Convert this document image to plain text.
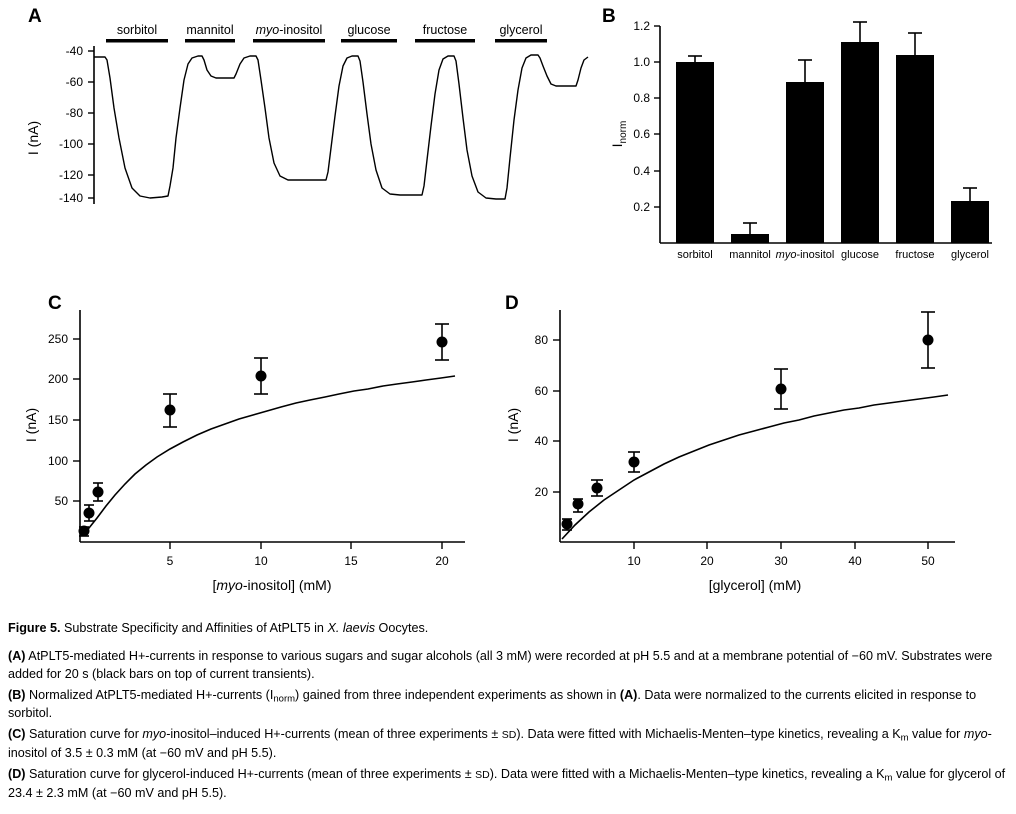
A
-40
-60
-80
-100
-120
-140
I (nA)
sorbitol mannitol myo-inositol glucose	fructose	glycerol
B
0.2
0.4
0.6
0.8
1.0
1.2
$I_{norm}$
sorbitol mannitol myo-inositol glucose fructose glycerol
C
50
100
150
200
250
5	10	15	20
I (nA)
[myo-inositol] (mM)
D
20
40
60
80
10	20	30	40	50
I (nA)
[glycerol] (mM)

Figure 5. Substrate Specificity and Affinities of AtPLT5 in X. laevis Oocytes.

(A) AtPLT5-mediated H+-currents in response to various sugars and sugar alcohols (all 3 mM) were recorded at pH 5.5 and at a membrane potential of −60 mV. Substrates were added for 20 s (black bars on top of current transients).

(B) Normalized AtPLT5-mediated H+-currents $(I_{norm})$ gained from three independent experiments as shown in (A). Data were normalized to the currents elicited in response to sorbitol.

(C) Saturation curve for myo-inositol–induced H+-currents (mean of three experiments ± SD). Data were fitted with Michaelis-Menten–type kinetics, revealing a $K_m$ value for myo-inositol of 3.5 ± 0.3 mM (at −60 mV and pH 5.5).

(D) Saturation curve for glycerol-induced H+-currents (mean of three experiments ± SD). Data were fitted with a Michaelis-Menten–type kinetics, revealing a $K_m$ value for glycerol of 23.4 ± 2.3 mM (at −60 mV and pH 5.5).
